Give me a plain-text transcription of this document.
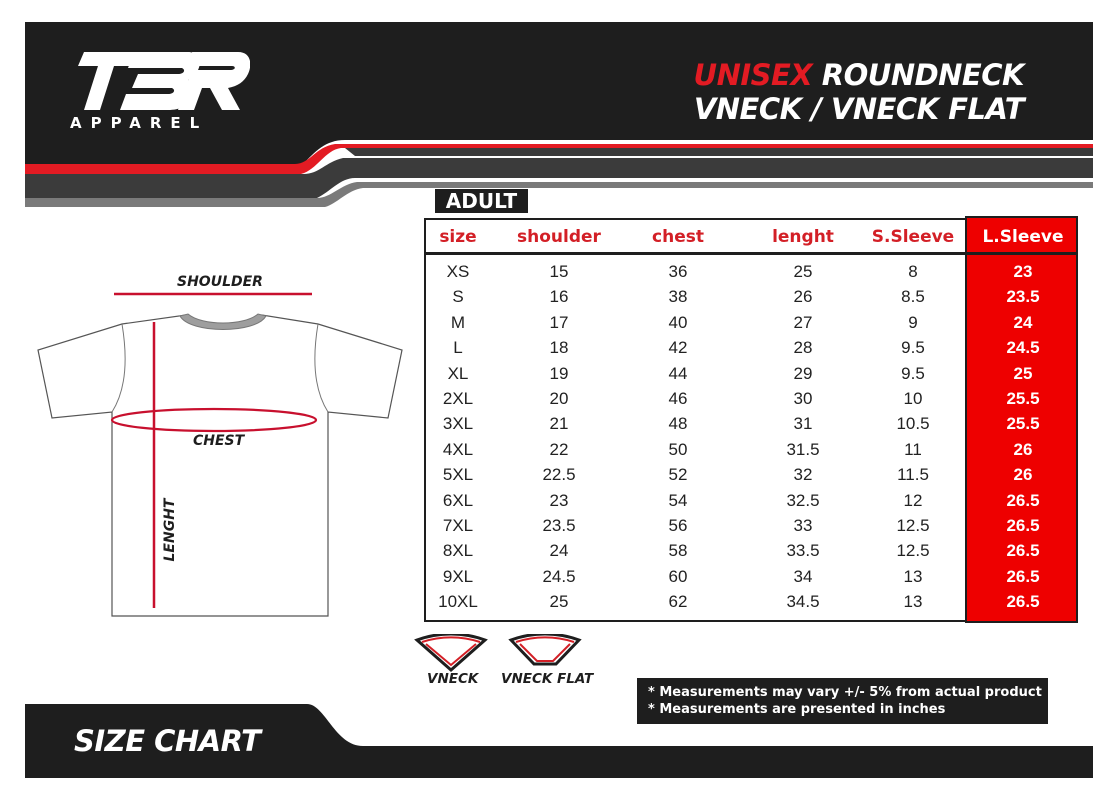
APPAREL
UNISEX ROUNDNECK
VNECK / VNECK FLAT
ADULT
size	shoulder	chest	lenght	S.Sleeve	L.Sleeve
XS	15	36	25	8	23
S	16	38	26	8.5	23.5
M	17	40	27	9	24
L	18	42	28	9.5	24.5
XL	19	44	29	9.5	25
2XL	20	46	30	10	25.5
3XL	21	48	31	10.5	25.5
4XL	22	50	31.5	11	26
5XL	22.5	52	32	11.5	26
6XL	23	54	32.5	12	26.5
7XL	23.5	56	33	12.5	26.5
8XL	24	58	33.5	12.5	26.5
9XL	24.5	60	34	13	26.5
10XL	25	62	34.5	13	26.5
SHOULDER
CHEST
LENGHT
VNECK VNECK FLAT
SIZE CHART
* Measurements may vary +/- 5% from actual product
* Measurements are presented in inches
